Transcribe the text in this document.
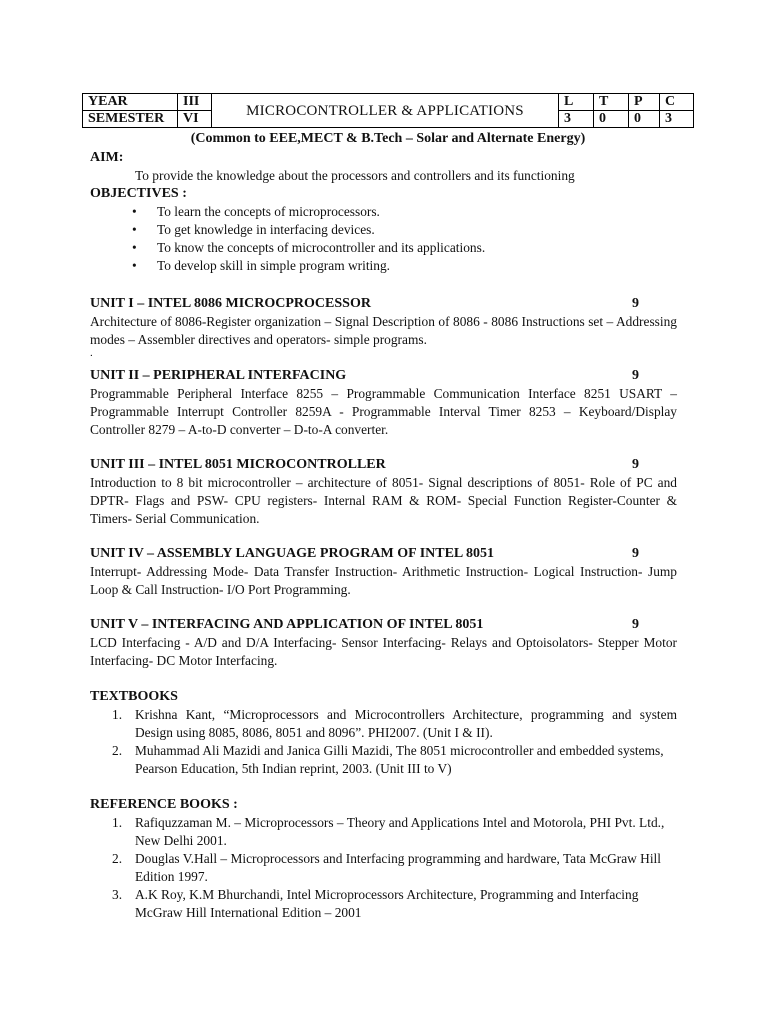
YEAR	III	MICROCONTROLLER & APPLICATIONS	L	T	P	C
SEMESTER	VI		3	0	0	3
(Common to EEE,MECT & B.Tech – Solar and Alternate Energy)
AIM:
To provide the knowledge about the processors and controllers and its functioning
OBJECTIVES :
• To learn the concepts of microprocessors.
• To get knowledge in interfacing devices.
• To know the concepts of microcontroller and its applications.
• To develop skill in simple program writing.
UNIT I – INTEL 8086 MICROCPROCESSOR	9
Architecture of 8086-Register organization – Signal Description of 8086 - 8086 Instructions set – Addressing modes – Assembler directives and operators- simple programs.
.
UNIT II – PERIPHERAL INTERFACING	9
Programmable Peripheral Interface 8255 – Programmable Communication Interface 8251 USART – Programmable Interrupt Controller 8259A - Programmable Interval Timer 8253 – Keyboard/Display Controller 8279 – A-to-D converter – D-to-A converter.
UNIT III – INTEL 8051 MICROCONTROLLER	9
Introduction to 8 bit microcontroller – architecture of 8051- Signal descriptions of 8051- Role of PC and DPTR- Flags and PSW- CPU registers- Internal RAM & ROM- Special Function Register-Counter & Timers- Serial Communication.
UNIT IV – ASSEMBLY LANGUAGE PROGRAM OF INTEL 8051	9
Interrupt- Addressing Mode- Data Transfer Instruction- Arithmetic Instruction- Logical Instruction- Jump Loop & Call Instruction- I/O Port Programming.
UNIT V – INTERFACING AND APPLICATION OF INTEL 8051	9
LCD Interfacing - A/D and D/A Interfacing- Sensor Interfacing- Relays and Optoisolators- Stepper Motor Interfacing- DC Motor Interfacing.
TEXTBOOKS
1. Krishna Kant, “Microprocessors and Microcontrollers Architecture, programming and system Design using 8085, 8086, 8051 and 8096”. PHI2007. (Unit I & II).
2. Muhammad Ali Mazidi and Janica Gilli Mazidi, The 8051 microcontroller and embedded systems, Pearson Education, 5th Indian reprint, 2003. (Unit III to V)
REFERENCE BOOKS :
1. Rafiquzzaman M. – Microprocessors – Theory and Applications Intel and Motorola, PHI Pvt. Ltd., New Delhi 2001.
2. Douglas V.Hall – Microprocessors and Interfacing programming and hardware, Tata McGraw Hill Edition 1997.
3. A.K Roy, K.M Bhurchandi, Intel Microprocessors Architecture, Programming and Interfacing McGraw Hill International Edition – 2001
